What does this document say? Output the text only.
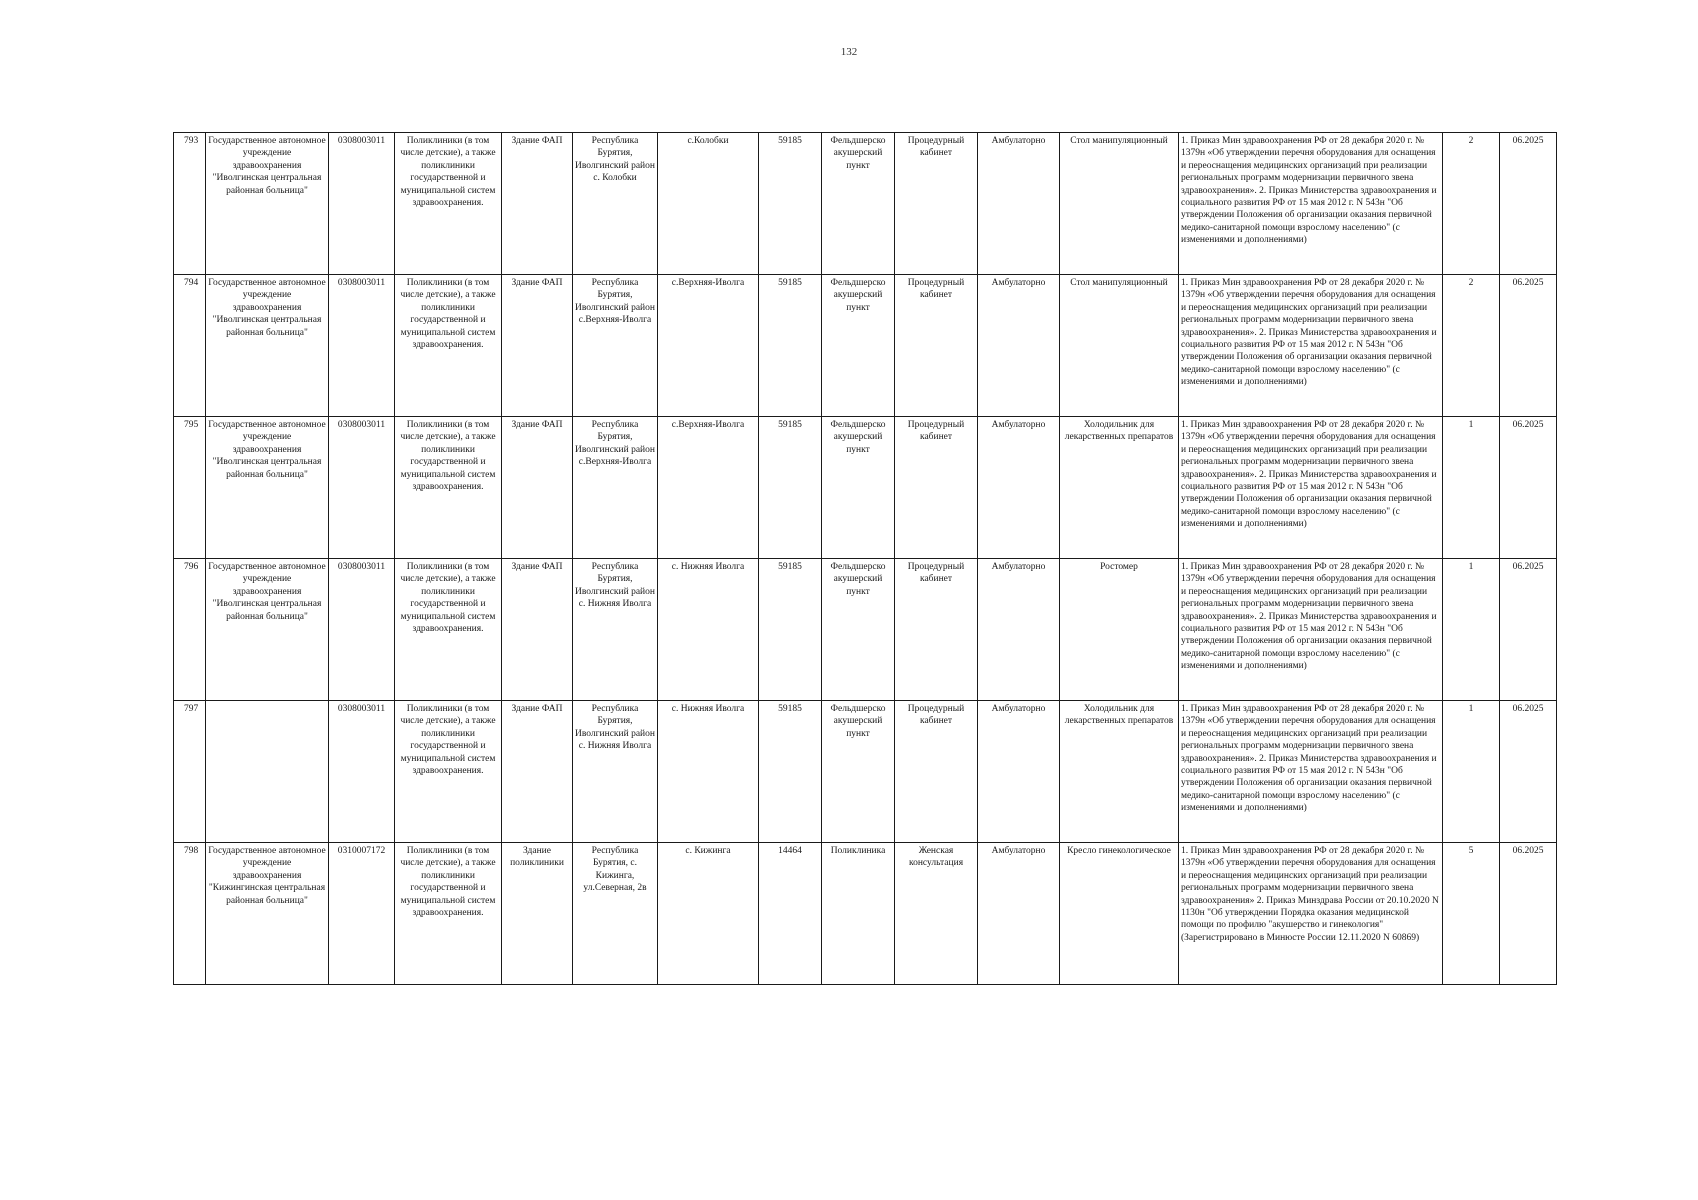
132
793	Государственное автономное учреждение здравоохранения "Иволгинская центральная районная больница"	0308003011	Поликлиники (в том числе детские), а также поликлиники государственной и муниципальной систем здравоохранения.	Здание ФАП	Республика Бурятия, Иволгинский район с. Колобки	с.Колобки	59185	Фельдшерско акушерский пункт	Процедурный кабинет	Амбулаторно	Стол манипуляционный	1. Приказ Мин здравоохранения РФ от 28 декабря 2020 г. № 1379н «Об утверждении перечня оборудования для оснащения и переоснащения медицинских организаций при реализации региональных программ модернизации первичного звена здравоохранения». 2. Приказ Министерства здравоохранения и социального развития РФ от 15 мая 2012 г. N 543н "Об утверждении Положения об организации оказания первичной медико-санитарной помощи взрослому населению" (с изменениями и дополнениями)	2	06.2025
794	Государственное автономное учреждение здравоохранения "Иволгинская центральная районная больница"	0308003011	Поликлиники (в том числе детские), а также поликлиники государственной и муниципальной систем здравоохранения.	Здание ФАП	Республика Бурятия, Иволгинский район с.Верхняя-Иволга	с.Верхняя-Иволга	59185	Фельдшерско акушерский пункт	Процедурный кабинет	Амбулаторно	Стол манипуляционный	1. Приказ Мин здравоохранения РФ от 28 декабря 2020 г. № 1379н «Об утверждении перечня оборудования для оснащения и переоснащения медицинских организаций при реализации региональных программ модернизации первичного звена здравоохранения». 2. Приказ Министерства здравоохранения и социального развития РФ от 15 мая 2012 г. N 543н "Об утверждении Положения об организации оказания первичной медико-санитарной помощи взрослому населению" (с изменениями и дополнениями)	2	06.2025
795	Государственное автономное учреждение здравоохранения "Иволгинская центральная районная больница"	0308003011	Поликлиники (в том числе детские), а также поликлиники государственной и муниципальной систем здравоохранения.	Здание ФАП	Республика Бурятия, Иволгинский район с.Верхняя-Иволга	с.Верхняя-Иволга	59185	Фельдшерско акушерский пункт	Процедурный кабинет	Амбулаторно	Холодильник для лекарственных препаратов	1. Приказ Мин здравоохранения РФ от 28 декабря 2020 г. № 1379н «Об утверждении перечня оборудования для оснащения и переоснащения медицинских организаций при реализации региональных программ модернизации первичного звена здравоохранения». 2. Приказ Министерства здравоохранения и социального развития РФ от 15 мая 2012 г. N 543н "Об утверждении Положения об организации оказания первичной медико-санитарной помощи взрослому населению" (с изменениями и дополнениями)	1	06.2025
796	Государственное автономное учреждение здравоохранения "Иволгинская центральная районная больница"	0308003011	Поликлиники (в том числе детские), а также поликлиники государственной и муниципальной систем здравоохранения.	Здание ФАП	Республика Бурятия, Иволгинский район с. Нижняя Иволга	с. Нижняя Иволга	59185	Фельдшерско акушерский пункт	Процедурный кабинет	Амбулаторно	Ростомер	1. Приказ Мин здравоохранения РФ от 28 декабря 2020 г. № 1379н «Об утверждении перечня оборудования для оснащения и переоснащения медицинских организаций при реализации региональных программ модернизации первичного звена здравоохранения». 2. Приказ Министерства здравоохранения и социального развития РФ от 15 мая 2012 г. N 543н "Об утверждении Положения об организации оказания первичной медико-санитарной помощи взрослому населению" (с изменениями и дополнениями)	1	06.2025
797		0308003011	Поликлиники (в том числе детские), а также поликлиники государственной и муниципальной систем здравоохранения.	Здание ФАП	Республика Бурятия, Иволгинский район с. Нижняя Иволга	с. Нижняя Иволга	59185	Фельдшерско акушерский пункт	Процедурный кабинет	Амбулаторно	Холодильник для лекарственных препаратов	1. Приказ Мин здравоохранения РФ от 28 декабря 2020 г. № 1379н «Об утверждении перечня оборудования для оснащения и переоснащения медицинских организаций при реализации региональных программ модернизации первичного звена здравоохранения». 2. Приказ Министерства здравоохранения и социального развития РФ от 15 мая 2012 г. N 543н "Об утверждении Положения об организации оказания первичной медико-санитарной помощи взрослому населению" (с изменениями и дополнениями)	1	06.2025
798	Государственное автономное учреждение здравоохранения "Кижингинская центральная районная больница"	0310007172	Поликлиники (в том числе детские), а также поликлиники государственной и муниципальной систем здравоохранения.	Здание поликлиники	Республика Бурятия, с. Кижинга, ул.Северная, 2в	с. Кижинга	14464	Поликлиника	Женская консультация	Амбулаторно	Кресло гинекологическое	1. Приказ Мин здравоохранения РФ от 28 декабря 2020 г. № 1379н «Об утверждении перечня оборудования для оснащения и переоснащения медицинских организаций при реализации региональных программ модернизации первичного звена здравоохранения» 2. Приказ Минздрава России от 20.10.2020 N 1130н "Об утверждении Порядка оказания медицинской помощи по профилю "акушерство и гинекология" (Зарегистрировано в Минюсте России 12.11.2020 N 60869)	5	06.2025
